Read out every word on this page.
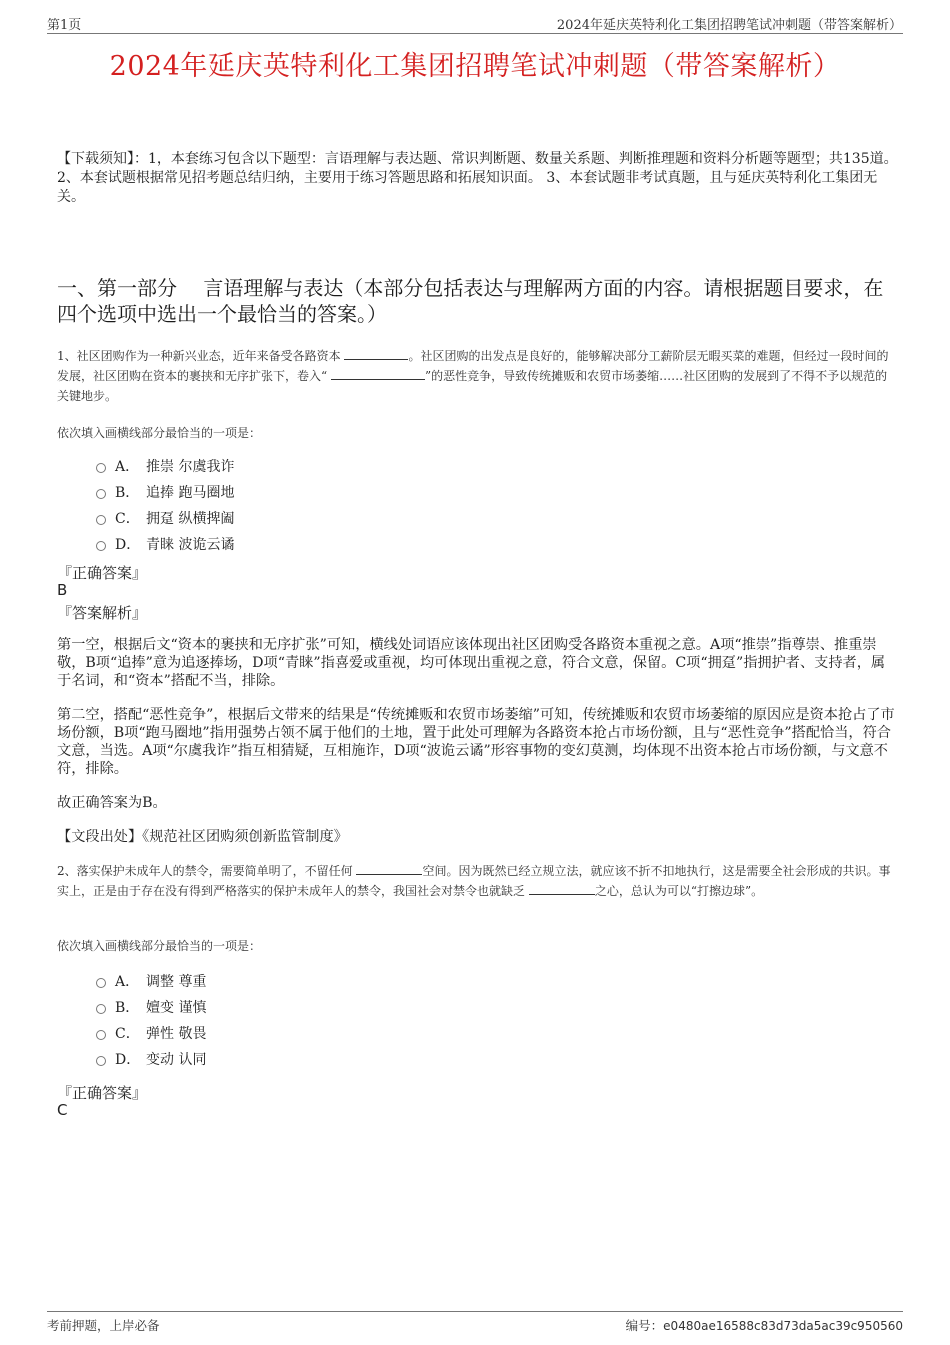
第1页	2024年延庆英特利化工集团招聘笔试冲刺题（带答案解析）
2024年延庆英特利化工集团招聘笔试冲刺题（带答案解析）
【下载须知】：1，本套练习包含以下题型：言语理解与表达题、常识判断题、数量关系题、判断推理题和资料分析题等题型；共135道。 2、本套试题根据常见招考题总结归纳，主要用于练习答题思路和拓展知识面。 3、本套试题非考试真题，且与延庆英特利化工集团无关。
一、第一部分　 言语理解与表达（本部分包括表达与理解两方面的内容。请根据题目要求，在四个选项中选出一个最恰当的答案。）
1、社区团购作为一种新兴业态，近年来备受各路资本	。社区团购的出发点是良好的，能够解决部分工薪阶层无暇买菜的难题，但经过一段时间的发展，社区团购在资本的裹挟和无序扩张下，卷入“	”的恶性竞争，导致传统摊贩和农贸市场萎缩……社区团购的发展到了不得不予以规范的关键地步。
依次填入画横线部分最恰当的一项是：
A． 推崇 尔虞我诈
B． 追捧 跑马圈地
C． 拥趸 纵横捭阖
D． 青睐 波诡云谲
『正确答案』
B
『答案解析』
第一空，根据后文“资本的裹挟和无序扩张”可知，横线处词语应该体现出社区团购受各路资本重视之意。A项“推崇”指尊崇、推重崇敬，B项“追捧”意为追逐捧场，D项“青睐”指喜爱或重视，均可体现出重视之意，符合文意，保留。C项“拥趸”指拥护者、支持者，属于名词，和“资本”搭配不当，排除。
第二空，搭配“恶性竞争”，根据后文带来的结果是“传统摊贩和农贸市场萎缩”可知，传统摊贩和农贸市场萎缩的原因应是资本抢占了市场份额，B项“跑马圈地”指用强势占领不属于他们的土地，置于此处可理解为各路资本抢占市场份额，且与“恶性竞争”搭配恰当，符合文意，当选。A项“尔虞我诈”指互相猜疑，互相施诈，D项“波诡云谲”形容事物的变幻莫测，均体现不出资本抢占市场份额，与文意不符，排除。
故正确答案为B。
【文段出处】《规范社区团购须创新监管制度》
2、落实保护未成年人的禁令，需要简单明了，不留任何	空间。因为既然已经立规立法，就应该不折不扣地执行，这是需要全社会形成的共识。事实上，正是由于存在没有得到严格落实的保护未成年人的禁令，我国社会对禁令也就缺乏	之心，总认为可以“打擦边球”。
依次填入画横线部分最恰当的一项是：
A． 调整 尊重
B． 嬗变 谨慎
C． 弹性 敬畏
D． 变动 认同
『正确答案』
C
考前押题，上岸必备	编号：e0480ae16588c83d73da5ac39c950560
